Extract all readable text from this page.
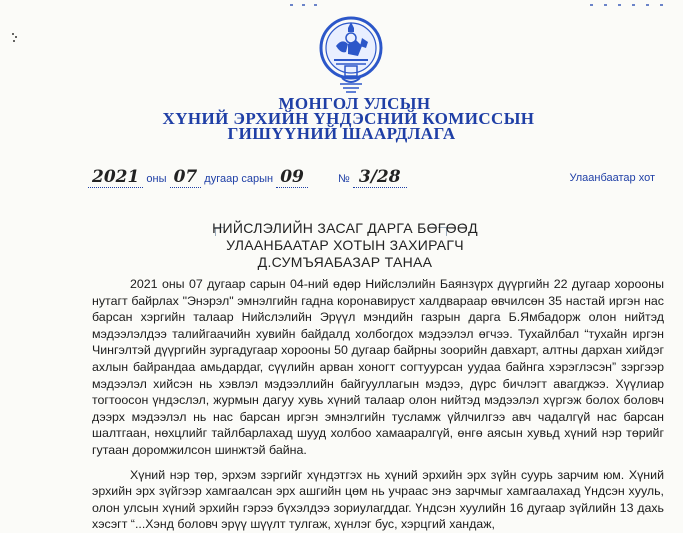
МОНГОЛ УЛСЫН
ХҮНИЙ ЭРХИЙН ҮНДЭСНИЙ КОМИССЫН
ГИШҮҮНИЙ ШААРДЛАГА
2021 оны 07 дугаар сарын 09	№ 3/28	Улаанбаатар хот
НИЙСЛЭЛИЙН ЗАСАГ ДАРГА БӨГӨӨД
УЛААНБААТАР ХОТЫН ЗАХИРАГЧ
Д.СУМЪЯАБАЗАР ТАНАА

2021 оны 07 дугаар сарын 04-ний өдөр Нийслэлийн Баянзүрх дүүргийн 22 дугаар хорооны нутагт байрлах "Энэрэл" эмнэлгийн гадна коронавируст халдвараар өвчилсөн 35 настай иргэн нас барсан хэргийн талаар Нийслэлийн Эрүүл мэндийн газрын дарга Б.Ямбадорж олон нийтэд мэдээлэлдээ талийгаачийн хувийн байдалд холбогдох мэдээлэл өгчээ. Тухайлбал “тухайн иргэн Чингэлтэй дүүргийн зургадугаар хорооны 50 дугаар байрны зоорийн давхарт, алтны дархан хийдэг ахлын байрандаа амьдардаг, сүүлийн арван хоногт согтуурсан уудаа байнга хэрэглэсэн” зэргээр мэдээлэл хийсэн нь хэвлэл мэдээллийн байгууллагын мэдээ, дүрс бичлэгт авагджээ. Хүүлиар тогтоосон үндэслэл, журмын дагуу хувь хүний талаар олон нийтэд мэдээлэл хүргэж болох боловч дээрх мэдээлэл нь нас барсан иргэн эмнэлгийн тусламж үйлчилгээ авч чадалгүй нас барсан шалтгаан, нөхцлийг тайлбарлахад шууд холбоо хамааралгүй, өнгө аясын хувьд хүний нэр төрийг гутаан доромжилсон шинжтэй байна.

Хүний нэр төр, эрхэм зэргийг хүндэтгэх нь хүний эрхийн эрх зүйн суурь зарчим юм. Хүний эрхийн эрх зүйгээр хамгаалсан эрх ашгийн цөм нь учраас энэ зарчмыг хамгаалахад Үндсэн хууль, олон улсын хүний эрхийн гэрээ бүхэлдээ зориулагддаг. Үндсэн хуулийн 16 дугаар зүйлийн 13 дахь хэсэгт “...Хэнд боловч эрүү шүүлт тулгаж, хүнлэг бус, хэрцгий хандаж,
